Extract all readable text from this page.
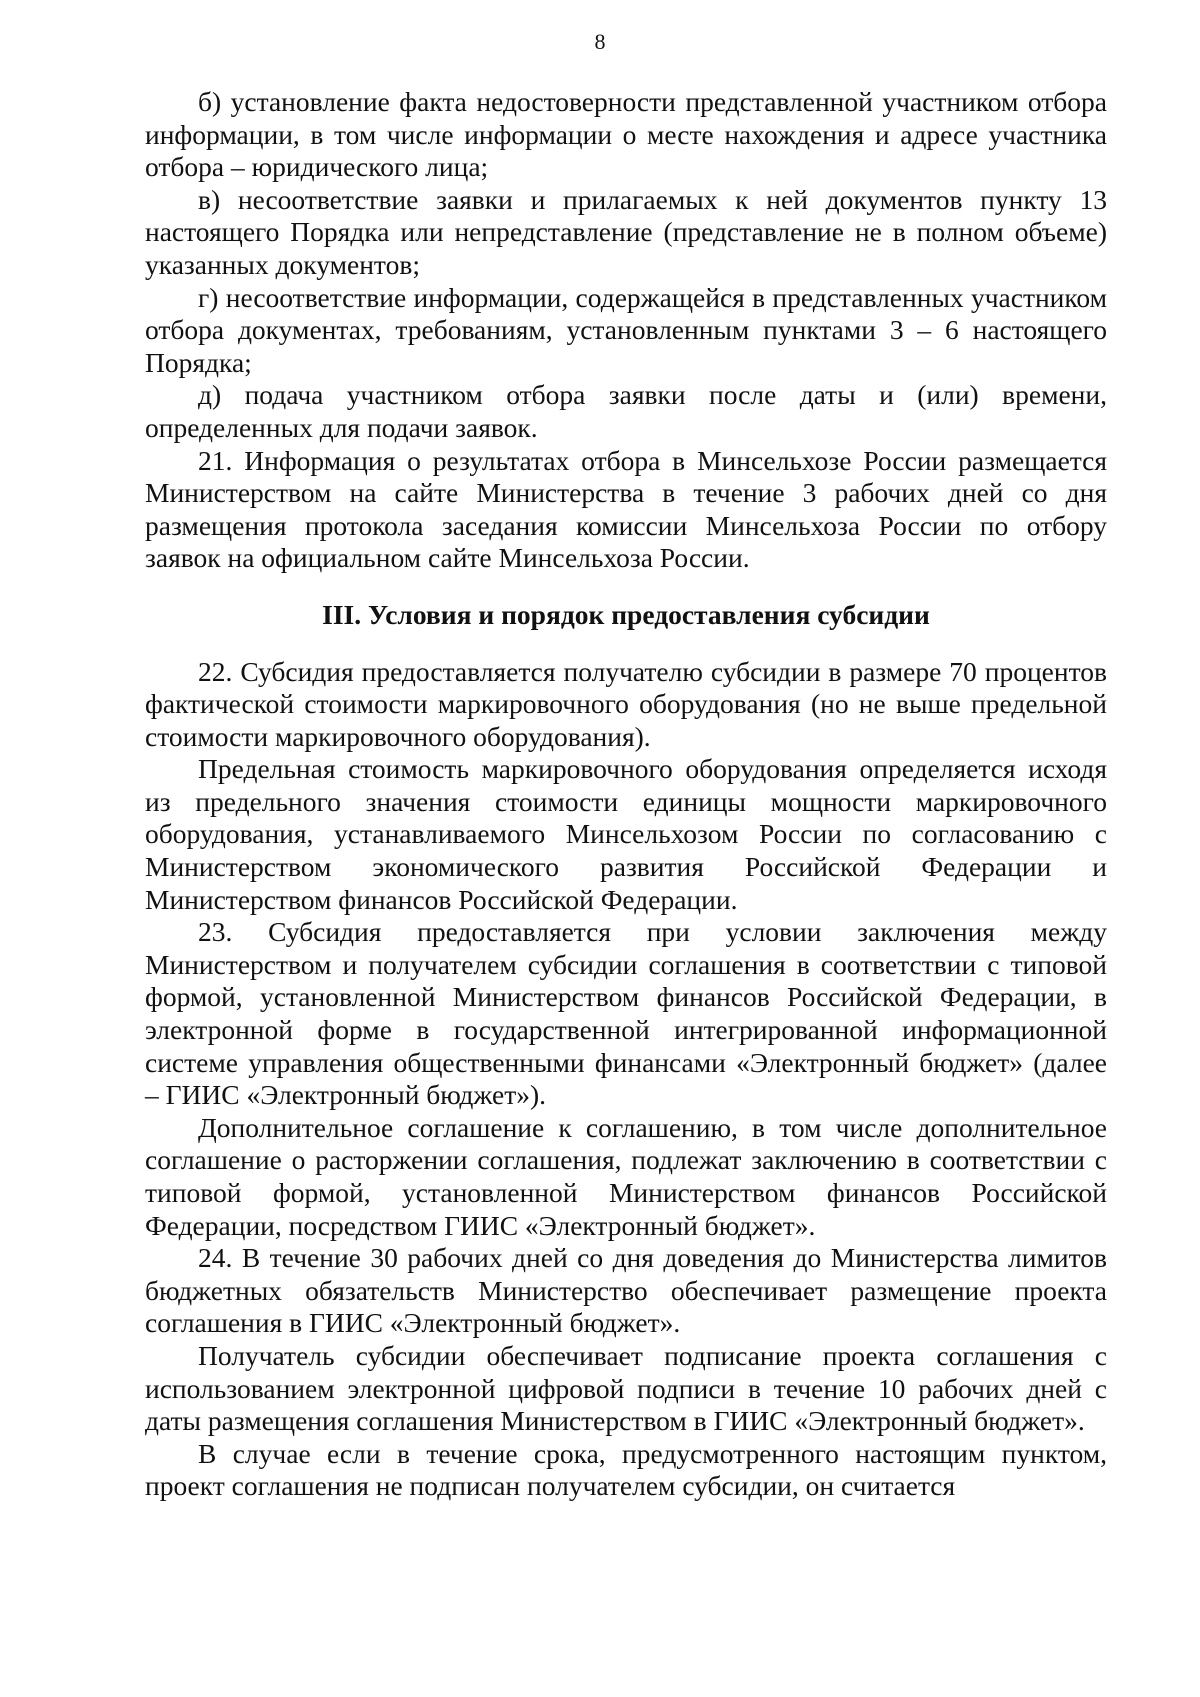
8

б) установление факта недостоверности представленной участником отбора информации, в том числе информации о месте нахождения и адресе участника отбора – юридического лица;

в) несоответствие заявки и прилагаемых к ней документов пункту 13 настоящего Порядка или непредставление (представление не в полном объеме) указанных документов;

г) несоответствие информации, содержащейся в представленных участником отбора документах, требованиям, установленным пунктами 3 – 6 настоящего Порядка;

д) подача участником отбора заявки после даты и (или) времени, определенных для подачи заявок.

21. Информация о результатах отбора в Минсельхозе России размещается Министерством на сайте Министерства в течение 3 рабочих дней со дня размещения протокола заседания комиссии Минсельхоза России по отбору заявок на официальном сайте Минсельхоза России.

III. Условия и порядок предоставления субсидии

22. Субсидия предоставляется получателю субсидии в размере 70 процентов фактической стоимости маркировочного оборудования (но не выше предельной стоимости маркировочного оборудования).

Предельная стоимость маркировочного оборудования определяется исходя из предельного значения стоимости единицы мощности маркировочного оборудования, устанавливаемого Минсельхозом России по согласованию с Министерством экономического развития Российской Федерации и Министерством финансов Российской Федерации.

23. Субсидия предоставляется при условии заключения между Министерством и получателем субсидии соглашения в соответствии с типовой формой, установленной Министерством финансов Российской Федерации, в электронной форме в государственной интегрированной информационной системе управления общественными финансами «Электронный бюджет» (далее – ГИИС «Электронный бюджет»).

Дополнительное соглашение к соглашению, в том числе дополнительное соглашение о расторжении соглашения, подлежат заключению в соответствии с типовой формой, установленной Министерством финансов Российской Федерации, посредством ГИИС «Электронный бюджет».

24. В течение 30 рабочих дней со дня доведения до Министерства лимитов бюджетных обязательств Министерство обеспечивает размещение проекта соглашения в ГИИС «Электронный бюджет».

Получатель субсидии обеспечивает подписание проекта соглашения с использованием электронной цифровой подписи в течение 10 рабочих дней с даты размещения соглашения Министерством в ГИИС «Электронный бюджет».

В случае если в течение срока, предусмотренного настоящим пунктом, проект соглашения не подписан получателем субсидии, он считается
